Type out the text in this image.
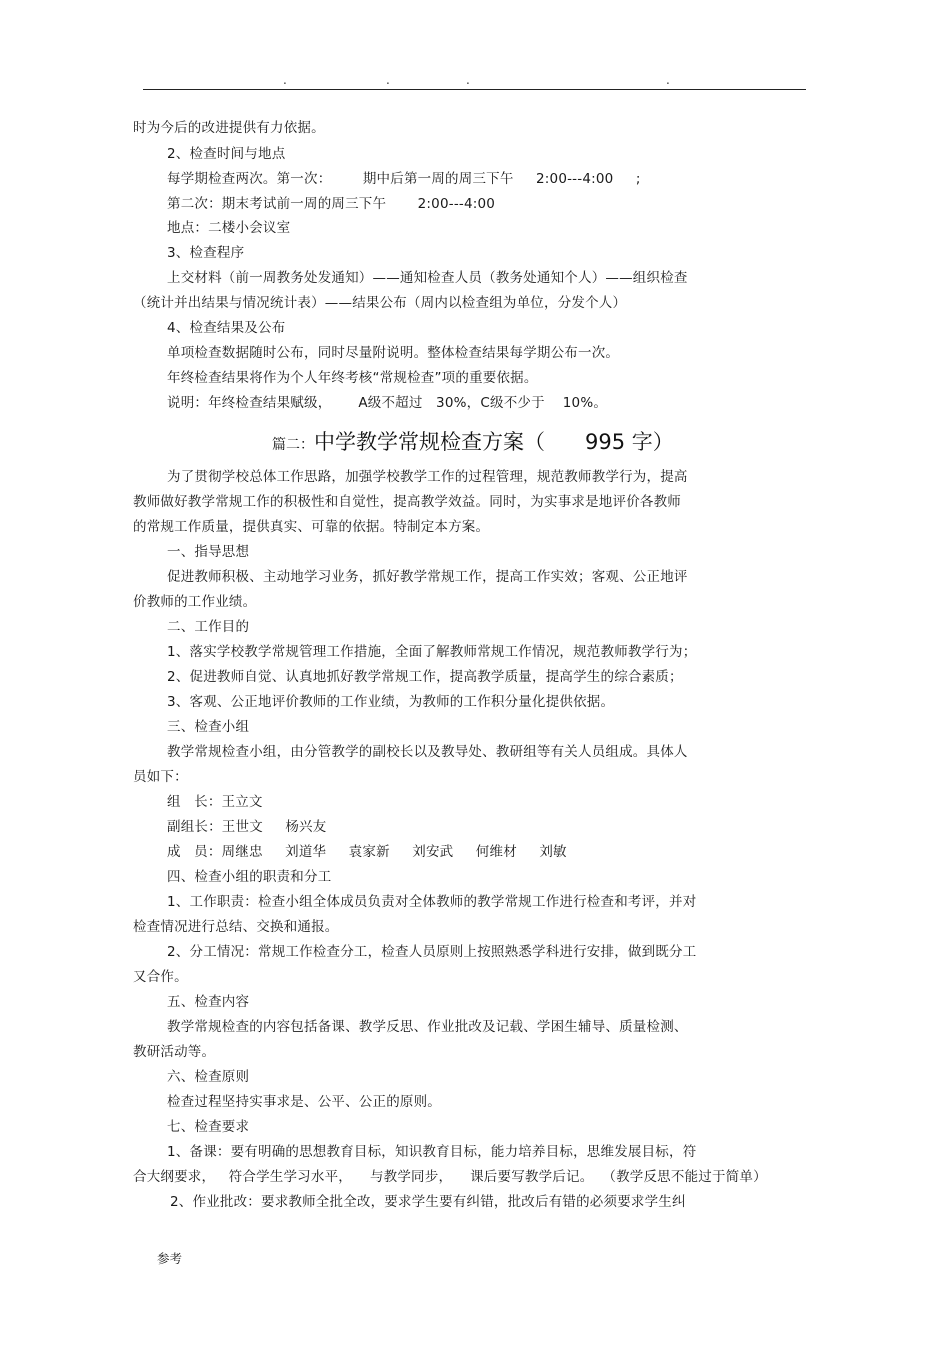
.	.	.	.
时为今后的改进提供有力依据。
2、检查时间与地点
每学期检查两次。第一次：       期中后第一周的周三下午     2:00---4:00     ;
第二次：期末考试前一周的周三下午       2:00---4:00
地点：二楼小会议室
3、检查程序
上交材料（前一周教务处发通知）——通知检查人员（教务处通知个人）——组织检查
（统计并出结果与情况统计表）——结果公布（周内以检查组为单位，分发个人）
4、检查结果及公布
单项检查数据随时公布，同时尽量附说明。整体检查结果每学期公布一次。
年终检查结果将作为个人年终考核“常规检查”项的重要依据。
说明：年终检查结果赋级，      A级不超过   30%，C级不少于    10%。
篇二：中学教学常规检查方案（      995 字）
为了贯彻学校总体工作思路，加强学校教学工作的过程管理，规范教师教学行为，提高
教师做好教学常规工作的积极性和自觉性，提高教学效益。同时，为实事求是地评价各教师
的常规工作质量，提供真实、可靠的依据。特制定本方案。
一、指导思想
促进教师积极、主动地学习业务，抓好教学常规工作，提高工作实效；客观、公正地评
价教师的工作业绩。
二、工作目的
1、落实学校教学常规管理工作措施，全面了解教师常规工作情况，规范教师教学行为；
2、促进教师自觉、认真地抓好教学常规工作，提高教学质量，提高学生的综合素质；
3、客观、公正地评价教师的工作业绩，为教师的工作积分量化提供依据。
三、检查小组
教学常规检查小组，由分管教学的副校长以及教导处、教研组等有关人员组成。具体人
员如下：
组   长：王立文
副组长：王世文     杨兴友
成   员：周继忠     刘道华     袁家新     刘安武     何维材     刘敏
四、检查小组的职责和分工
1、工作职责：检查小组全体成员负责对全体教师的教学常规工作进行检查和考评，并对
检查情况进行总结、交换和通报。
2、分工情况：常规工作检查分工，检查人员原则上按照熟悉学科进行安排，做到既分工
又合作。
五、检查内容
教学常规检查的内容包括备课、教学反思、作业批改及记载、学困生辅导、质量检测、
教研活动等。
六、检查原则
检查过程坚持实事求是、公平、公正的原则。
七、检查要求
1、备课：要有明确的思想教育目标，知识教育目标，能力培养目标，思维发展目标，符
合大纲要求，   符合学生学习水平，    与教学同步，    课后要写教学后记。  （教学反思不能过于简单）
2、作业批改：要求教师全批全改，要求学生要有纠错，批改后有错的必须要求学生纠
参考
